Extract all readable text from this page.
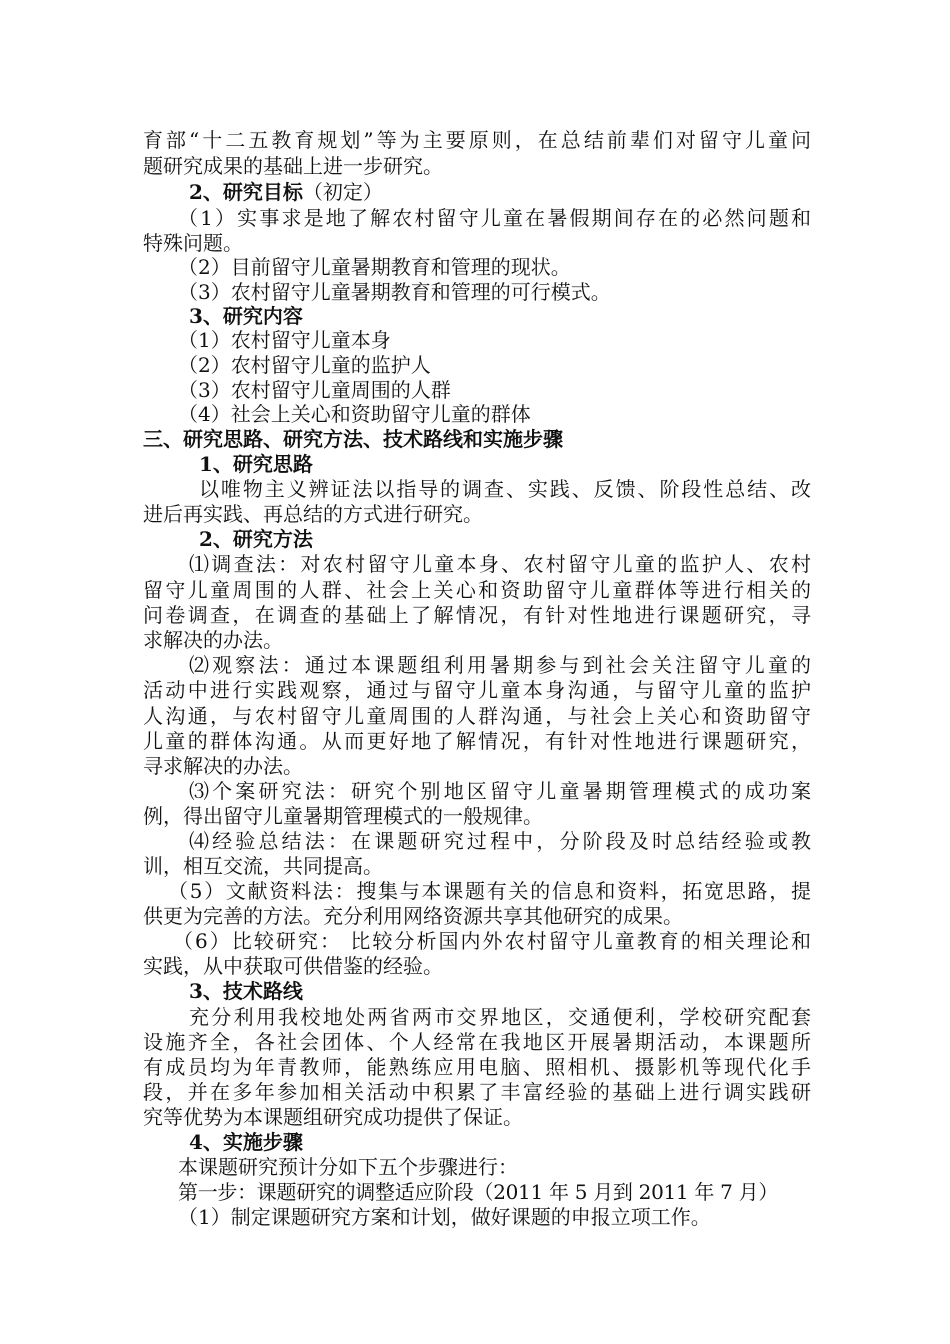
育部“十二五教育规划”等为主要原则，在总结前辈们对留守儿童问
题研究成果的基础上进一步研究。
2、研究目标（初定）
（1）实事求是地了解农村留守儿童在暑假期间存在的必然问题和
特殊问题。
（2）目前留守儿童暑期教育和管理的现状。
（3）农村留守儿童暑期教育和管理的可行模式。
3、研究内容
（1）农村留守儿童本身
（2）农村留守儿童的监护人
（3）农村留守儿童周围的人群
（4）社会上关心和资助留守儿童的群体
三、研究思路、研究方法、技术路线和实施步骤
1、研究思路
以唯物主义辨证法以指导的调查、实践、反馈、阶段性总结、改
进后再实践、再总结的方式进行研究。
2、研究方法
⑴调查法：对农村留守儿童本身、农村留守儿童的监护人、农村
留守儿童周围的人群、社会上关心和资助留守儿童群体等进行相关的
问卷调查，在调查的基础上了解情况，有针对性地进行课题研究，寻
求解决的办法。
⑵观察法：通过本课题组利用暑期参与到社会关注留守儿童的
活动中进行实践观察，通过与留守儿童本身沟通，与留守儿童的监护
人沟通，与农村留守儿童周围的人群沟通，与社会上关心和资助留守
儿童的群体沟通。从而更好地了解情况，有针对性地进行课题研究，
寻求解决的办法。
⑶个案研究法：研究个别地区留守儿童暑期管理模式的成功案
例，得出留守儿童暑期管理模式的一般规律。
⑷经验总结法：在课题研究过程中，分阶段及时总结经验或教
训，相互交流，共同提高。
（5）文献资料法：搜集与本课题有关的信息和资料，拓宽思路，提
供更为完善的方法。充分利用网络资源共享其他研究的成果。
（6）比较研究： 比较分析国内外农村留守儿童教育的相关理论和
实践，从中获取可供借鉴的经验。
3、技术路线
充分利用我校地处两省两市交界地区，交通便利，学校研究配套
设施齐全，各社会团体、个人经常在我地区开展暑期活动，本课题所
有成员均为年青教师，能熟练应用电脑、照相机、摄影机等现代化手
段，并在多年参加相关活动中积累了丰富经验的基础上进行调实践研
究等优势为本课题组研究成功提供了保证。
4、实施步骤
本课题研究预计分如下五个步骤进行：
第一步：课题研究的调整适应阶段（2011 年 5 月到 2011 年 7 月）
（1）制定课题研究方案和计划，做好课题的申报立项工作。
